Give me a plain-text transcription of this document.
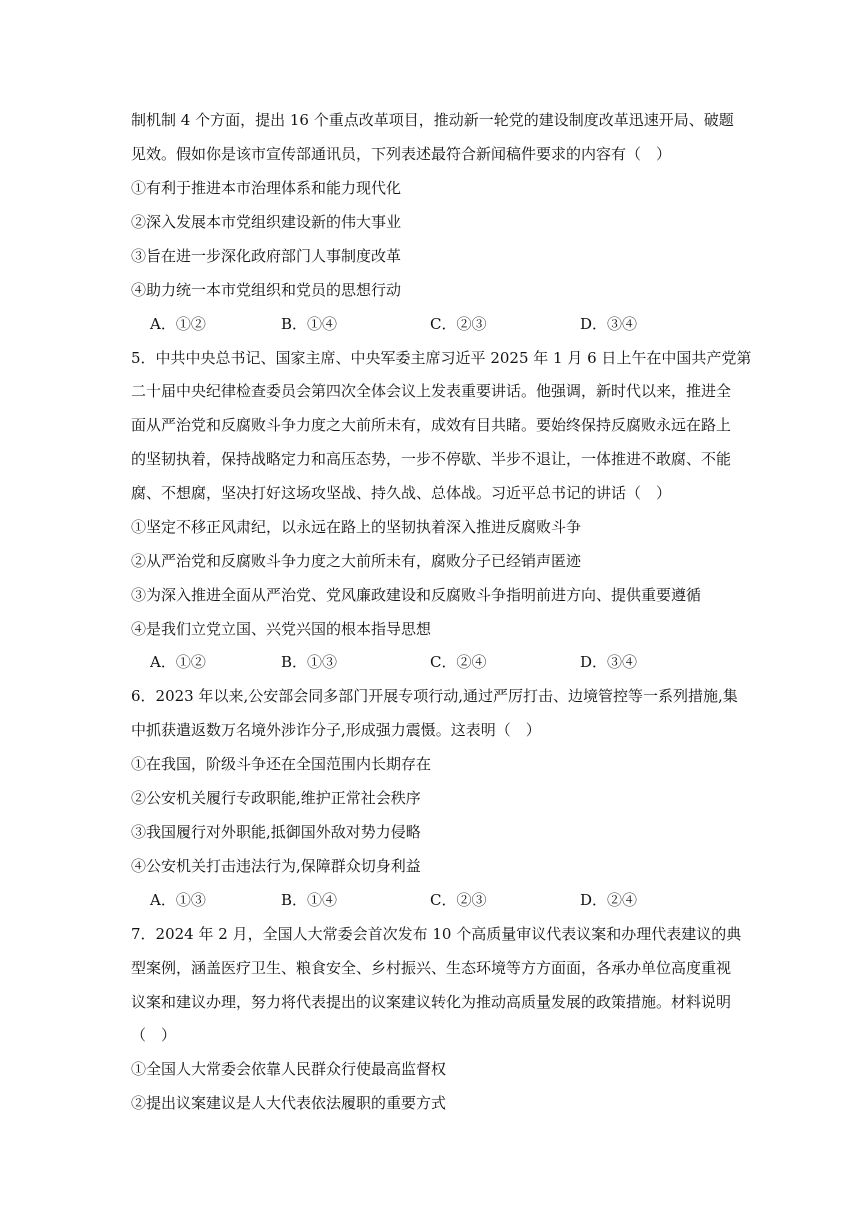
制机制 4 个方面，提出 16 个重点改革项目，推动新一轮党的建设制度改革迅速开局、破题
见效。假如你是该市宣传部通讯员，下列表述最符合新闻稿件要求的内容有（　）
①有利于推进本市治理体系和能力现代化
②深入发展本市党组织建设新的伟大事业
③旨在进一步深化政府部门人事制度改革
④助力统一本市党组织和党员的思想行动
A．①②	B．①④	C．②③	D．③④
5．中共中央总书记、国家主席、中央军委主席习近平 2025 年 1 月 6 日上午在中国共产党第
二十届中央纪律检查委员会第四次全体会议上发表重要讲话。他强调，新时代以来，推进全
面从严治党和反腐败斗争力度之大前所未有，成效有目共睹。要始终保持反腐败永远在路上
的坚韧执着，保持战略定力和高压态势，一步不停歇、半步不退让，一体推进不敢腐、不能
腐、不想腐，坚决打好这场攻坚战、持久战、总体战。习近平总书记的讲话（　）
①坚定不移正风肃纪，以永远在路上的坚韧执着深入推进反腐败斗争
②从严治党和反腐败斗争力度之大前所未有，腐败分子已经销声匿迹
③为深入推进全面从严治党、党风廉政建设和反腐败斗争指明前进方向、提供重要遵循
④是我们立党立国、兴党兴国的根本指导思想
A．①②	B．①③	C．②④	D．③④
6．2023 年以来,公安部会同多部门开展专项行动,通过严厉打击、边境管控等一系列措施,集
中抓获遣返数万名境外涉诈分子,形成强力震慑。这表明（　）
①在我国，阶级斗争还在全国范围内长期存在
②公安机关履行专政职能,维护正常社会秩序
③我国履行对外职能,抵御国外敌对势力侵略
④公安机关打击违法行为,保障群众切身利益
A．①③	B．①④	C．②③	D．②④
7．2024 年 2 月，全国人大常委会首次发布 10 个高质量审议代表议案和办理代表建议的典
型案例，涵盖医疗卫生、粮食安全、乡村振兴、生态环境等方方面面，各承办单位高度重视
议案和建议办理，努力将代表提出的议案建议转化为推动高质量发展的政策措施。材料说明
（　）
①全国人大常委会依靠人民群众行使最高监督权
②提出议案建议是人大代表依法履职的重要方式
